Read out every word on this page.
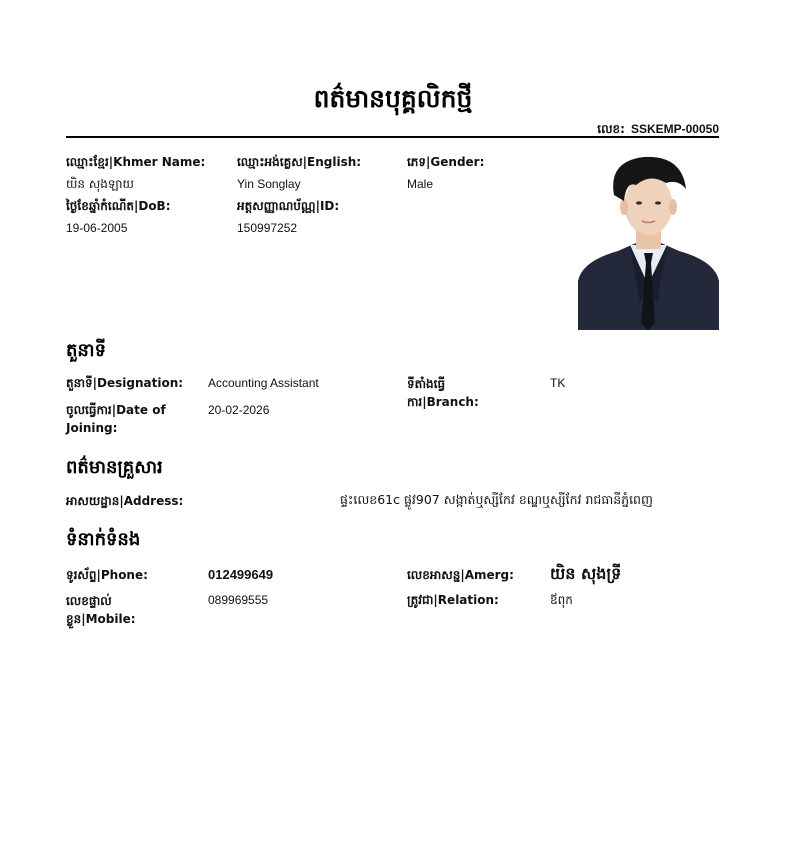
ពត៌មានបុគ្គលិកថ្មី
លេខ: SSKEMP-00050
ឈ្មោះខ្មែរ|Khmer Name:
យិន សុងឡាយ
ឈ្មោះអង់គ្លេស|English:
Yin Songlay
ភេទ|Gender:
Male
ថ្ងៃខែឆ្នាំកំណើត|DoB:
19-06-2005
អត្តសញ្ញាណប័ណ្ណ|ID:
150997252
តួនាទី
តួនាទី|Designation: Accounting Assistant	ទីតាំងធ្វើការ|Branch:
TK
ចូលធ្វើការ|Date of Joining:
20-02-2026
ពត៌មានគ្រួសារ
អាសយដ្ឋាន|Address:	ផ្ទះលេខ61c ផ្លូវ907 សង្កាត់ឬស្សីកែវ ខណ្ឌឬស្សីកែវ រាជធានីភ្នំពេញ
ទំនាក់ទំនង
ទូរស័ព្ទ|Phone:	012499649	លេខអាសន្ន|Amerg: យិន សុងទ្រី
លេខផ្ទាល់ខ្លួន|Mobile:
089969555	ត្រូវជា|Relation:	ឪពុក
